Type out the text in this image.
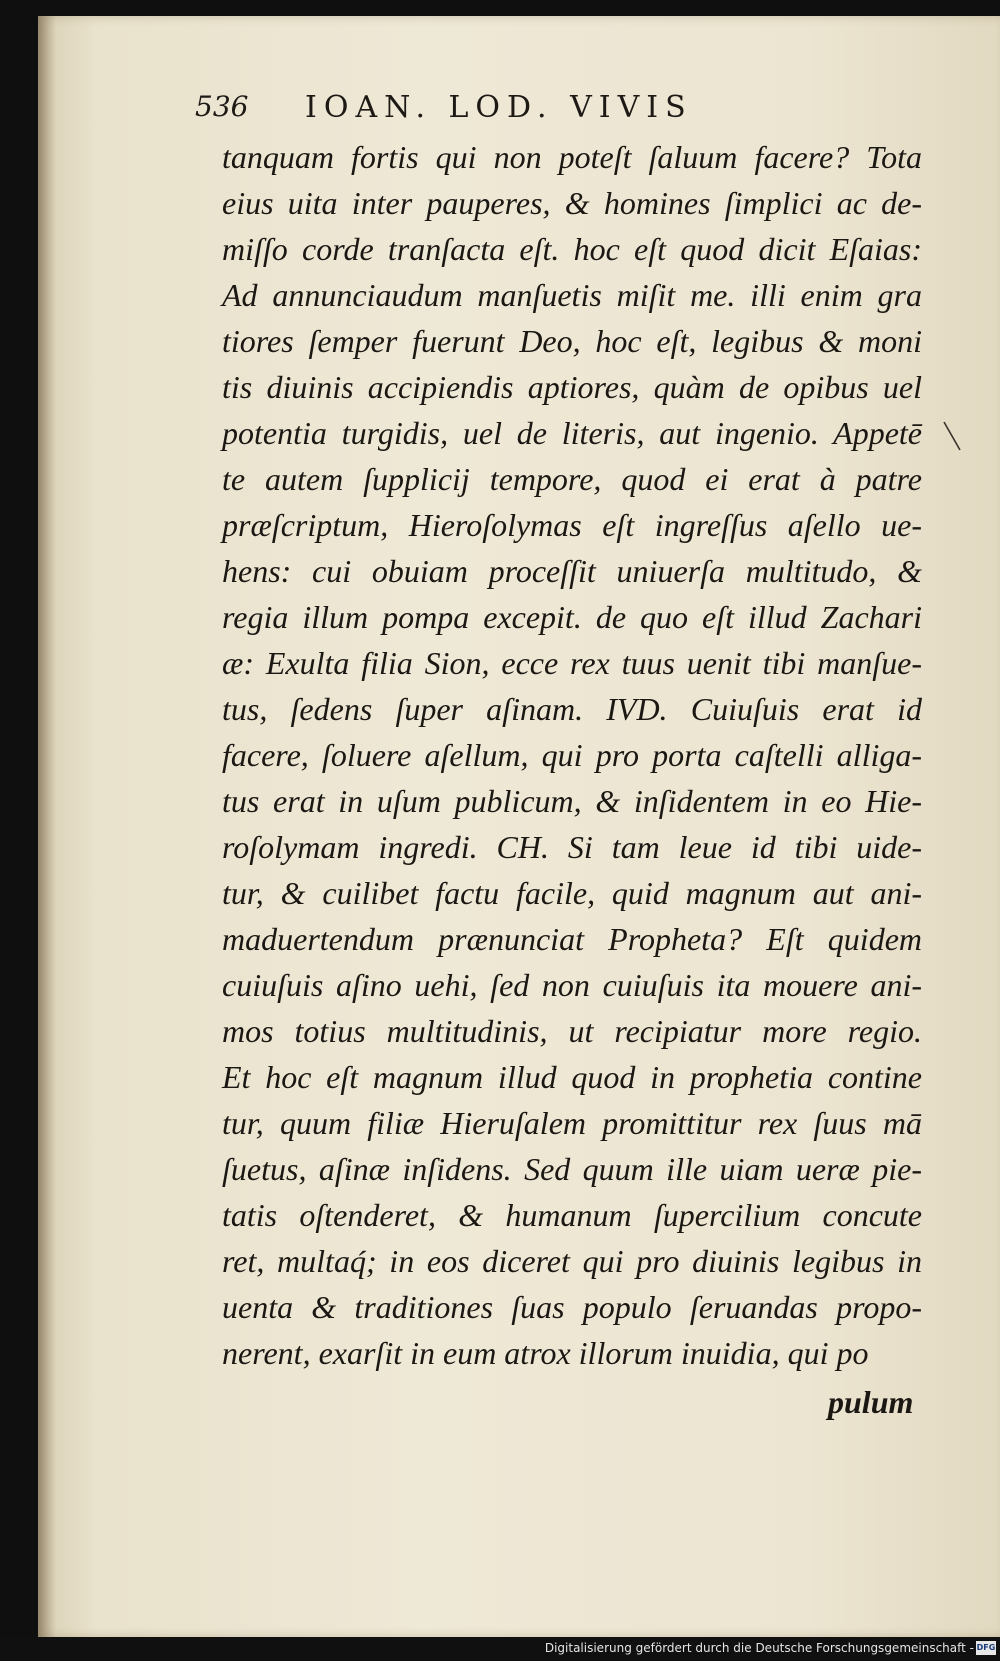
536 IOAN. LOD. VIVIS
tanquam fortis qui non poteſt ſaluum facere? Tota
eius uita inter pauperes, & homines ſimplici ac de-
miſſo corde tranſacta eſt. hoc eſt quod dicit Eſaias:
Ad annunciaudum manſuetis miſit me. illi enim gra
tiores ſemper fuerunt Deo, hoc eſt, legibus & moni
tis diuinis accipiendis aptiores, quàm de opibus uel
potentia turgidis, uel de literis, aut ingenio. Appetē
te autem ſupplicij tempore, quod ei erat à patre
præſcriptum, Hieroſolymas eſt ingreſſus aſello ue-
hens: cui obuiam proceſſit uniuerſa multitudo, &
regia illum pompa excepit. de quo eſt illud Zachari
æ: Exulta filia Sion, ecce rex tuus uenit tibi manſue-
tus, ſedens ſuper aſinam. IVD. Cuiuſuis erat id
facere, ſoluere aſellum, qui pro porta caſtelli alliga-
tus erat in uſum publicum, & inſidentem in eo Hie-
roſolymam ingredi. CH. Si tam leue id tibi uide-
tur, & cuilibet factu facile, quid magnum aut ani-
maduertendum prænunciat Propheta? Eſt quidem
cuiuſuis aſino uehi, ſed non cuiuſuis ita mouere ani-
mos totius multitudinis, ut recipiatur more regio.
Et hoc eſt magnum illud quod in prophetia contine
tur, quum filiæ Hieruſalem promittitur rex ſuus mā
ſuetus, aſinæ inſidens. Sed quum ille uiam ueræ pie-
tatis oſtenderet, & humanum ſupercilium concute
ret, multaq́; in eos diceret qui pro diuinis legibus in
uenta & traditiones ſuas populo ſeruandas propo-
nerent, exarſit in eum atrox illorum inuidia, qui po
pulum
Digitalisierung gefördert durch die Deutsche Forschungsgemeinschaft - DFG
